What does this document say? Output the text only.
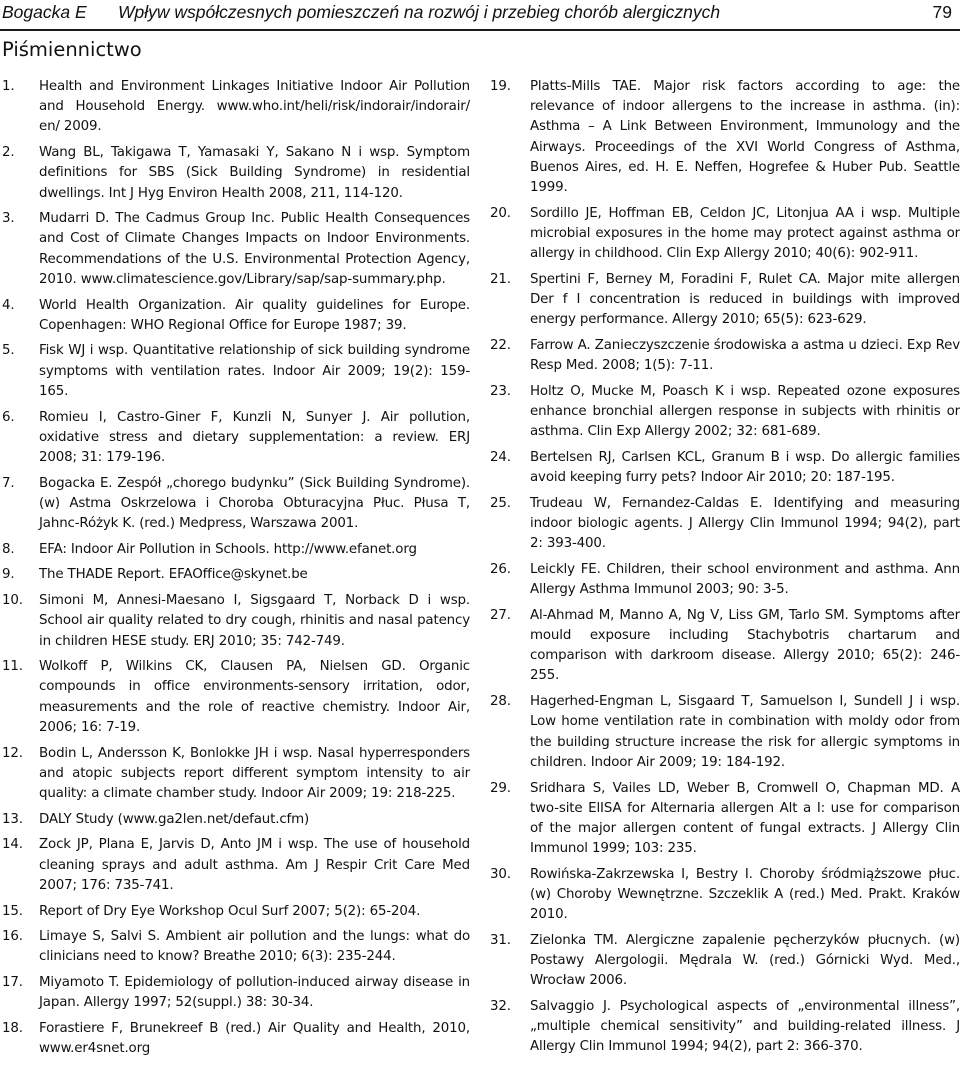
Bogacka E Wpływ współczesnych pomieszczeń na rozwój i przebieg chorób alergicznych	79
Piśmiennictwo
1.	Health and Environment Linkages Initiative Indoor Air Pollution and Household Energy. www.who.int/heli/risk/indorair/indorair/ en/ 2009.
2.	Wang BL, Takigawa T, Yamasaki Y, Sakano N i wsp. Symptom definitions for SBS (Sick Building Syndrome) in residential dwellings. Int J Hyg Environ Health 2008, 211, 114-120.
3.	Mudarri D. The Cadmus Group Inc. Public Health Consequences and Cost of Climate Changes Impacts on Indoor Environments. Recommendations of the U.S. Environmental Protection Agency, 2010. www.climatescience.gov/Library/sap/sap-summary.php.
4.	World Health Organization. Air quality guidelines for Europe. Copenhagen: WHO Regional Office for Europe 1987; 39.
5.	Fisk WJ i wsp. Quantitative relationship of sick building syndrome symptoms with ventilation rates. Indoor Air 2009; 19(2): 159-165.
6.	Romieu I, Castro-Giner F, Kunzli N, Sunyer J. Air pollution, oxidative stress and dietary supplementation: a review. ERJ 2008; 31: 179-196.
7.	Bogacka E. Zespół „chorego budynku” (Sick Building Syndrome). (w) Astma Oskrzelowa i Choroba Obturacyjna Płuc. Płusa T, Jahnc-Różyk K. (red.) Medpress, Warszawa 2001.
8.	EFA: Indoor Air Pollution in Schools. http://www.efanet.org
9.	The THADE Report. EFAOffice@skynet.be
10.	Simoni M, Annesi-Maesano I, Sigsgaard T, Norback D i wsp. School air quality related to dry cough, rhinitis and nasal patency in children HESE study. ERJ 2010; 35: 742-749.
11.	Wolkoff P, Wilkins CK, Clausen PA, Nielsen GD. Organic compounds in office environments-sensory irritation, odor, measurements and the role of reactive chemistry. Indoor Air, 2006; 16: 7-19.
12.	Bodin L, Andersson K, Bonlokke JH i wsp. Nasal hyperresponders and atopic subjects report different symptom intensity to air quality: a climate chamber study. Indoor Air 2009; 19: 218-225.
13.	DALY Study (www.ga2len.net/defaut.cfm)
14.	Zock JP, Plana E, Jarvis D, Anto JM i wsp. The use of household cleaning sprays and adult asthma. Am J Respir Crit Care Med 2007; 176: 735-741.
15.	Report of Dry Eye Workshop Ocul Surf 2007; 5(2): 65-204.
16.	Limaye S, Salvi S. Ambient air pollution and the lungs: what do clinicians need to know? Breathe 2010; 6(3): 235-244.
17.	Miyamoto T. Epidemiology of pollution-induced airway disease in Japan. Allergy 1997; 52(suppl.) 38: 30-34.
18.	Forastiere F, Brunekreef B (red.) Air Quality and Health, 2010, www.er4snet.org
19.	Platts-Mills TAE. Major risk factors according to age: the relevance of indoor allergens to the increase in asthma. (in): Asthma – A Link Between Environment, Immunology and the Airways. Proceedings of the XVI World Congress of Asthma, Buenos Aires, ed. H. E. Neffen, Hogrefee & Huber Pub. Seattle 1999.
20.	Sordillo JE, Hoffman EB, Celdon JC, Litonjua AA i wsp. Multiple microbial exposures in the home may protect against asthma or allergy in childhood. Clin Exp Allergy 2010; 40(6): 902-911.
21.	Spertini F, Berney M, Foradini F, Rulet CA. Major mite allergen Der f I concentration is reduced in buildings with improved energy performance. Allergy 2010; 65(5): 623-629.
22.	Farrow A. Zanieczyszczenie środowiska a astma u dzieci. Exp Rev Resp Med. 2008; 1(5): 7-11.
23.	Holtz O, Mucke M, Poasch K i wsp. Repeated ozone exposures enhance bronchial allergen response in subjects with rhinitis or asthma. Clin Exp Allergy 2002; 32: 681-689.
24.	Bertelsen RJ, Carlsen KCL, Granum B i wsp. Do allergic families avoid keeping furry pets? Indoor Air 2010; 20: 187-195.
25.	Trudeau W, Fernandez-Caldas E. Identifying and measuring indoor biologic agents. J Allergy Clin Immunol 1994; 94(2), part 2: 393-400.
26.	Leickly FE. Children, their school environment and asthma. Ann Allergy Asthma Immunol 2003; 90: 3-5.
27.	Al-Ahmad M, Manno A, Ng V, Liss GM, Tarlo SM. Symptoms after mould exposure including Stachybotris chartarum and comparison with darkroom disease. Allergy 2010; 65(2): 246-255.
28.	Hagerhed-Engman L, Sisgaard T, Samuelson I, Sundell J i wsp. Low home ventilation rate in combination with moldy odor from the building structure increase the risk for allergic symptoms in children. Indoor Air 2009; 19: 184-192.
29.	Sridhara S, Vailes LD, Weber B, Cromwell O, Chapman MD. A two-site ElISA for Alternaria allergen Alt a I: use for comparison of the major allergen content of fungal extracts. J Allergy Clin Immunol 1999; 103: 235.
30.	Rowińska-Zakrzewska I, Bestry I. Choroby śródmiąższowe płuc. (w) Choroby Wewnętrzne. Szczeklik A (red.) Med. Prakt. Kraków 2010.
31.	Zielonka TM. Alergiczne zapalenie pęcherzyków płucnych. (w) Postawy Alergologii. Mędrala W. (red.) Górnicki Wyd. Med., Wrocław 2006.
32.	Salvaggio J. Psychological aspects of „environmental illness”, „multiple chemical sensitivity” and building-related illness. J Allergy Clin Immunol 1994; 94(2), part 2: 366-370.
